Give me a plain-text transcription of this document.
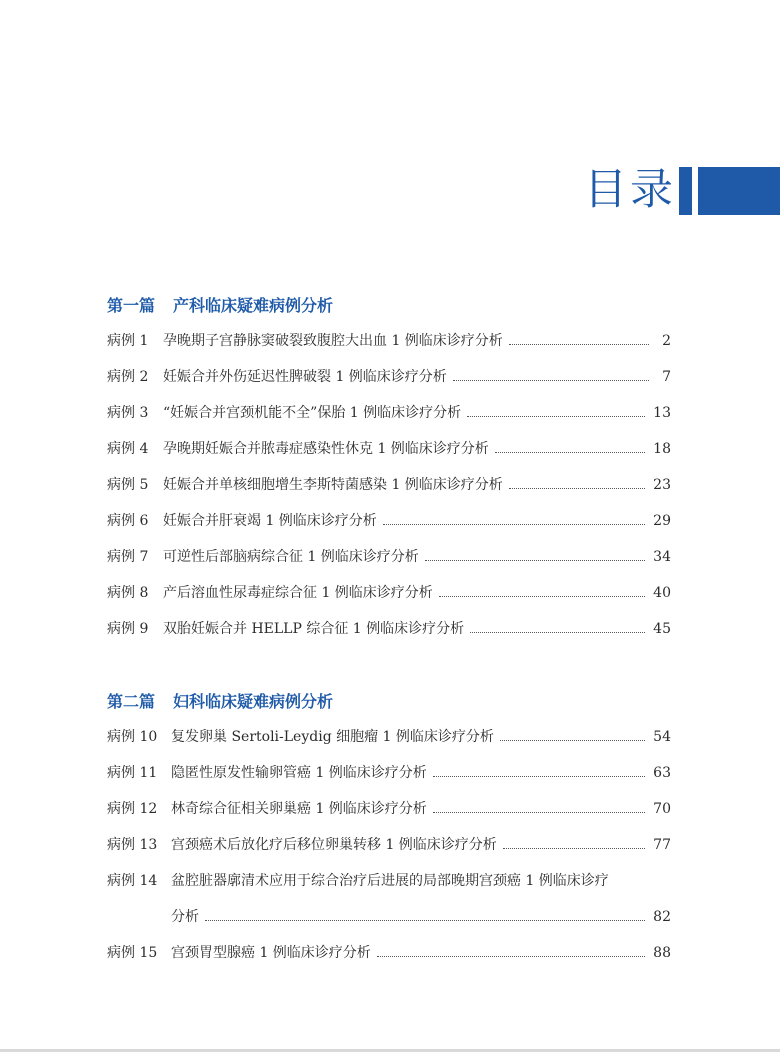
目录
第一篇 产科临床疑难病例分析
病例 1 孕晚期子宫静脉窦破裂致腹腔大出血 1 例临床诊疗分析	2
病例 2 妊娠合并外伤延迟性脾破裂 1 例临床诊疗分析	7
病例 3 “妊娠合并宫颈机能不全”保胎 1 例临床诊疗分析	13
病例 4 孕晚期妊娠合并脓毒症感染性休克 1 例临床诊疗分析	18
病例 5 妊娠合并单核细胞增生李斯特菌感染 1 例临床诊疗分析	23
病例 6 妊娠合并肝衰竭 1 例临床诊疗分析	29
病例 7 可逆性后部脑病综合征 1 例临床诊疗分析	34
病例 8 产后溶血性尿毒症综合征 1 例临床诊疗分析	40
病例 9 双胎妊娠合并 HELLP 综合征 1 例临床诊疗分析	45
第二篇 妇科临床疑难病例分析
病例 10 复发卵巢 Sertoli-Leydig 细胞瘤 1 例临床诊疗分析	54
病例 11 隐匿性原发性输卵管癌 1 例临床诊疗分析	63
病例 12 林奇综合征相关卵巢癌 1 例临床诊疗分析	70
病例 13 宫颈癌术后放化疗后移位卵巢转移 1 例临床诊疗分析	77
病例 14 盆腔脏器廓清术应用于综合治疗后进展的局部晚期宫颈癌 1 例临床诊疗
分析	82
病例 15 宫颈胃型腺癌 1 例临床诊疗分析	88
